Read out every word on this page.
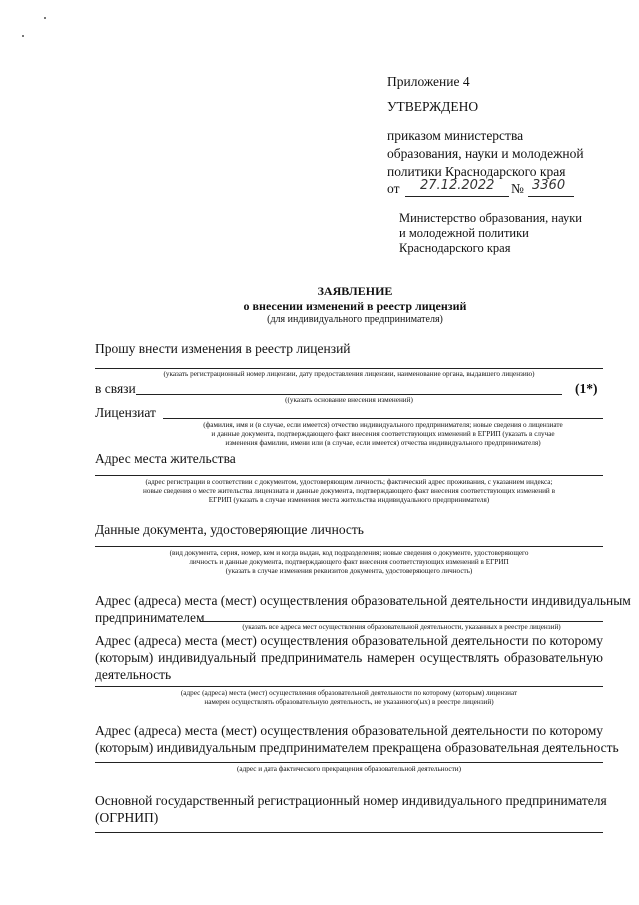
Приложение 4
УТВЕРЖДЕНО
приказом министерства
образования, науки и молодежной
политики Краснодарского края
от 27.12.2022 № 3360
Министерство образования, науки
и молодежной политики
Краснодарского края
ЗАЯВЛЕНИЕ
о внесении изменений в реестр лицензий
(для индивидуального предпринимателя)
Прошу внести изменения в реестр лицензий
(указать регистрационный номер лицензии, дату предоставления лицензии, наименование органа, выдавшего лицензию)
в связи	(1*)
((указать основание внесения изменений)
Лицензиат
(фамилия, имя и (в случае, если имеется) отчество индивидуального предпринимателя; новые сведения о лицензиате
и данные документа, подтверждающего факт внесения соответствующих изменений в ЕГРИП (указать в случае
изменения фамилии, имени или (в случае, если имеется) отчества индивидуального предпринимателя)
Адрес места жительства
(адрес регистрации в соответствии с документом, удостоверяющим личность; фактический адрес проживания, с указанием индекса;
новые сведения о месте жительства лицензиата и данные документа, подтверждающего факт внесения соответствующих изменений в
ЕГРИП (указать в случае изменения места жительства индивидуального предпринимателя)
Данные документа, удостоверяющие личность
(вид документа, серия, номер, кем и когда выдан, код подразделения; новые сведения о документе, удостоверяющего
личность и данные документа, подтверждающего факт внесения соответствующих изменений в ЕГРИП
(указать в случае изменения реквизитов документа, удостоверяющего личность)
Адрес (адреса) места (мест) осуществления образовательной деятельности индивидуальным
предпринимателем
(указать все адреса мест осуществления образовательной деятельности, указанных в реестре лицензий)
Адрес (адреса) места (мест) осуществления образовательной деятельности по которому
(которым) индивидуальный предприниматель намерен осуществлять образовательную
деятельность
(адрес (адреса) места (мест) осуществления образовательной деятельности по которому (которым) лицензиат
намерен осуществлять образовательную деятельность, не указанного(ых) в реестре лицензий)
Адрес (адреса) места (мест) осуществления образовательной деятельности по которому
(которым) индивидуальным предпринимателем прекращена образовательная деятельность
(адрес и дата фактического прекращения образовательной деятельности)
Основной государственный регистрационный номер индивидуального предпринимателя
(ОГРНИП)
